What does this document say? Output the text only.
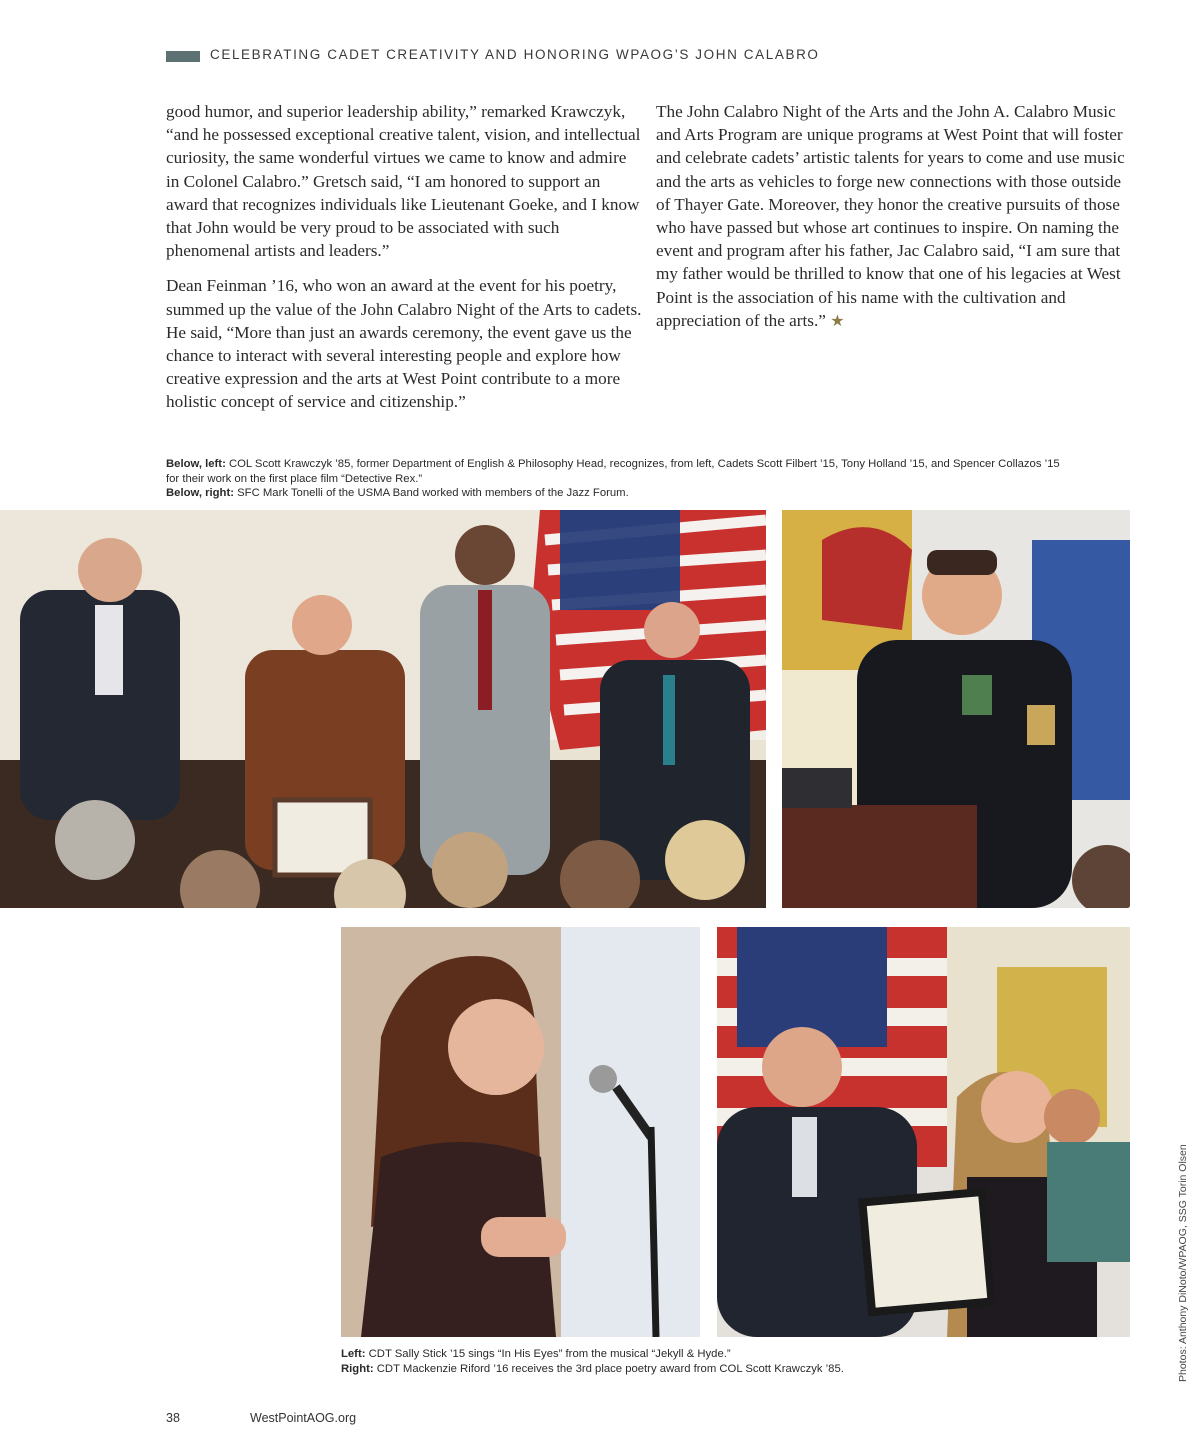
CELEBRATING CADET CREATIVITY AND HONORING WPAOG’S JOHN CALABRO

good humor, and superior leadership ability,” remarked Krawczyk, “and he possessed exceptional creative talent, vision, and intellectual curiosity, the same wonderful virtues we came to know and admire in Colonel Calabro.” Gretsch said, “I am honored to support an award that recognizes individuals like Lieutenant Goeke, and I know that John would be very proud to be associated with such phenomenal artists and leaders.”

Dean Feinman ’16, who won an award at the event for his poetry, summed up the value of the John Calabro Night of the Arts to cadets. He said, “More than just an awards ceremony, the event gave us the chance to interact with several interesting people and explore how creative expression and the arts at West Point contribute to a more holistic concept of service and citizenship.”

The John Calabro Night of the Arts and the John A. Calabro Music and Arts Program are unique programs at West Point that will foster and celebrate cadets’ artistic talents for years to come and use music and the arts as vehicles to forge new connections with those outside of Thayer Gate. Moreover, they honor the creative pursuits of those who have passed but whose art continues to inspire. On naming the event and program after his father, Jac Calabro said, “I am sure that my father would be thrilled to know that one of his legacies at West Point is the association of his name with the cultivation and appreciation of the arts.” ★

Below, left: COL Scott Krawczyk ’85, former Department of English & Philosophy Head, recognizes, from left, Cadets Scott Filbert ’15, Tony Holland ’15, and Spencer Collazos ’15 for their work on the first place film “Detective Rex.”
Below, right: SFC Mark Tonelli of the USMA Band worked with members of the Jazz Forum.
Left: CDT Sally Stick ’15 sings “In His Eyes” from the musical “Jekyll & Hyde.”
Right: CDT Mackenzie Riford ’16 receives the 3rd place poetry award from COL Scott Krawczyk ’85.	Photos: Anthony DiNoto/WPAOG, SSG Torin Olsen
38	WestPointAOG.org
